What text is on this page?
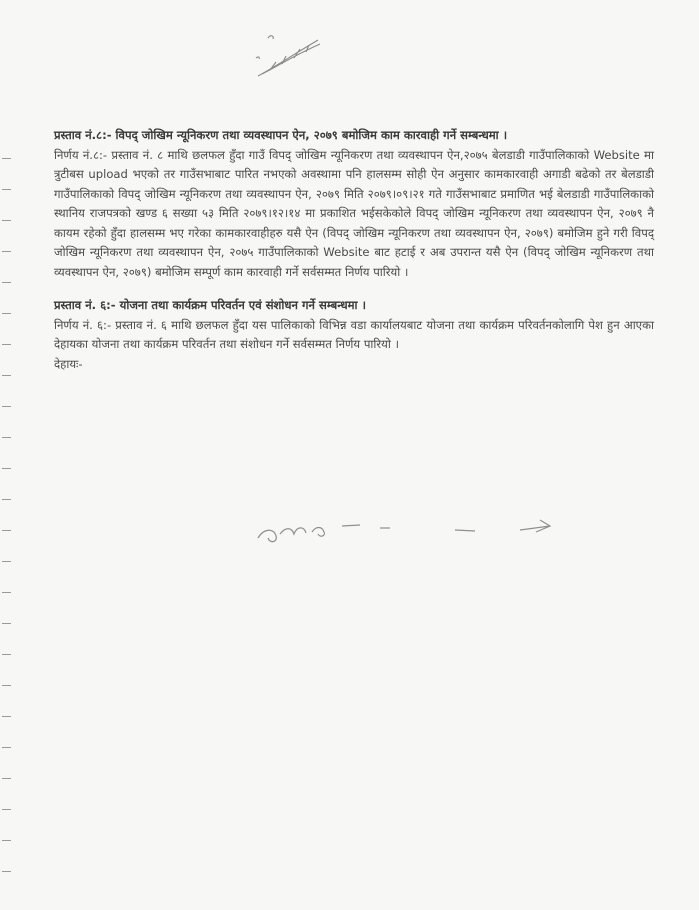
प्रस्ताव नं.८:- विपद् जोखिम न्यूनिकरण तथा व्यवस्थापन ऐन, २०७९ बमोजिम काम कारवाही गर्ने सम्बन्धमा ।

निर्णय नं.८:- प्रस्ताव नं. ८ माथि छलफल हुँदा गाउँ विपद् जोखिम न्यूनिकरण तथा व्यवस्थापन ऐन,२०७५ बेलडाडी गाउँपालिकाको Website मा त्रुटीबस upload भएको तर गाउँसभाबाट पारित नभएको अवस्थामा पनि हालसम्म सोही ऐन अनुसार कामकारवाही अगाडी बढेको तर बेलडाडी गाउँपालिकाको विपद् जोखिम न्यूनिकरण तथा व्यवस्थापन ऐन, २०७९ मिति २०७९।०९।२१ गते गाउँसभाबाट प्रमाणित भई बेलडाडी गाउँपालिकाको स्थानिय राजपत्रको खण्ड ६ सख्या ५३ मिति २०७९।१२।१४ मा प्रकाशित भईसकेकोले विपद् जोखिम न्यूनिकरण तथा व्यवस्थापन ऐन, २०७९ नै कायम रहेको हुँदा हालसम्म भए गरेका कामकारवाहीहरु यसै ऐन (विपद् जोखिम न्यूनिकरण तथा व्यवस्थापन ऐन, २०७९) बमोजिम हुने गरी विपद् जोखिम न्यूनिकरण तथा व्यवस्थापन ऐन, २०७५ गाउँपालिकाको Website बाट हटाई र अब उपरान्त यसै ऐन (विपद् जोखिम न्यूनिकरण तथा व्यवस्थापन ऐन, २०७९) बमोजिम सम्पूर्ण काम कारवाही गर्ने सर्वसम्मत निर्णय पारियो ।

प्रस्ताव नं. ६:- योजना तथा कार्यक्रम परिवर्तन एवं संशोधन गर्ने सम्बन्धमा ।

निर्णय नं. ६:- प्रस्ताव नं. ६ माथि छलफल हुँदा यस पालिकाको विभिन्न वडा कार्यालयबाट योजना तथा कार्यक्रम परिवर्तनकोलागि पेश हुन आएका देहायका योजना तथा कार्यक्रम परिवर्तन तथा संशोधन गर्ने सर्वसम्मत निर्णय पारियो ।

देहायः-
